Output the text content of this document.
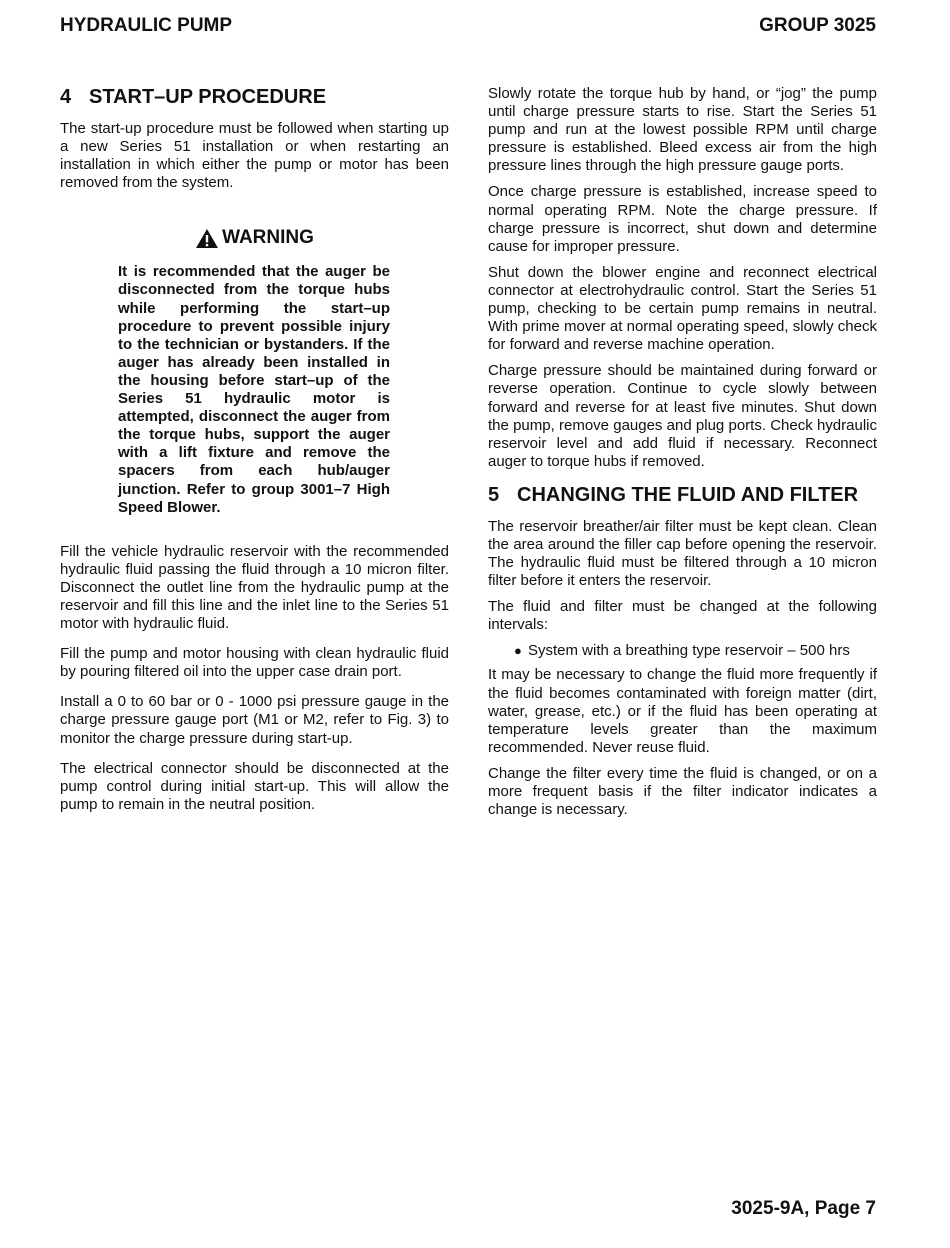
HYDRAULIC PUMP	GROUP 3025
4 START–UP PROCEDURE

The start-up procedure must be followed when starting up a new Series 51 installation or when restarting an installation in which either the pump or motor has been removed from the system.

WARNING
It is recommended that the auger be disconnected from the torque hubs while performing the start–up procedure to prevent possible injury to the technician or bystanders. If the auger has already been installed in the housing before start–up of the Series 51 hydraulic motor is attempted, disconnect the auger from the torque hubs, support the auger with a lift fixture and remove the spacers from each hub/auger junction. Refer to group 3001–7 High Speed Blower.

Fill the vehicle hydraulic reservoir with the recommended hydraulic fluid passing the fluid through a 10 micron filter. Disconnect the outlet line from the hydraulic pump at the reservoir and fill this line and the inlet line to the Series 51 motor with hydraulic fluid.

Fill the pump and motor housing with clean hydraulic fluid by pouring filtered oil into the upper case drain port.

Install a 0 to 60 bar or 0 - 1000 psi pressure gauge in the charge pressure gauge port (M1 or M2, refer to Fig. 3) to monitor the charge pressure during start-up.

The electrical connector should be disconnected at the pump control during initial start-up. This will allow the pump to remain in the neutral position.

Slowly rotate the torque hub by hand, or “jog” the pump until charge pressure starts to rise. Start the Series 51 pump and run at the lowest possible RPM until charge pressure is established. Bleed excess air from the high pressure lines through the high pressure gauge ports.

Once charge pressure is established, increase speed to normal operating RPM. Note the charge pressure. If charge pressure is incorrect, shut down and determine cause for improper pressure.

Shut down the blower engine and reconnect electrical connector at electrohydraulic control. Start the Series 51 pump, checking to be certain pump remains in neutral. With prime mover at normal operating speed, slowly check for forward and reverse machine operation.

Charge pressure should be maintained during forward or reverse operation. Continue to cycle slowly between forward and reverse for at least five minutes. Shut down the pump, remove gauges and plug ports. Check hydraulic reservoir level and add fluid if necessary. Reconnect auger to torque hubs if removed.

5 CHANGING THE FLUID AND FILTER

The reservoir breather/air filter must be kept clean. Clean the area around the filler cap before opening the reservoir. The hydraulic fluid must be filtered through a 10 micron filter before it enters the reservoir.

The fluid and filter must be changed at the following intervals:

● System with a breathing type reservoir – 500 hrs

It may be necessary to change the fluid more frequently if the fluid becomes contaminated with foreign matter (dirt, water, grease, etc.) or if the fluid has been operating at temperature levels greater than the maximum recommended. Never reuse fluid.

Change the filter every time the fluid is changed, or on a more frequent basis if the filter indicator indicates a change is necessary.

3025-9A, Page 7
